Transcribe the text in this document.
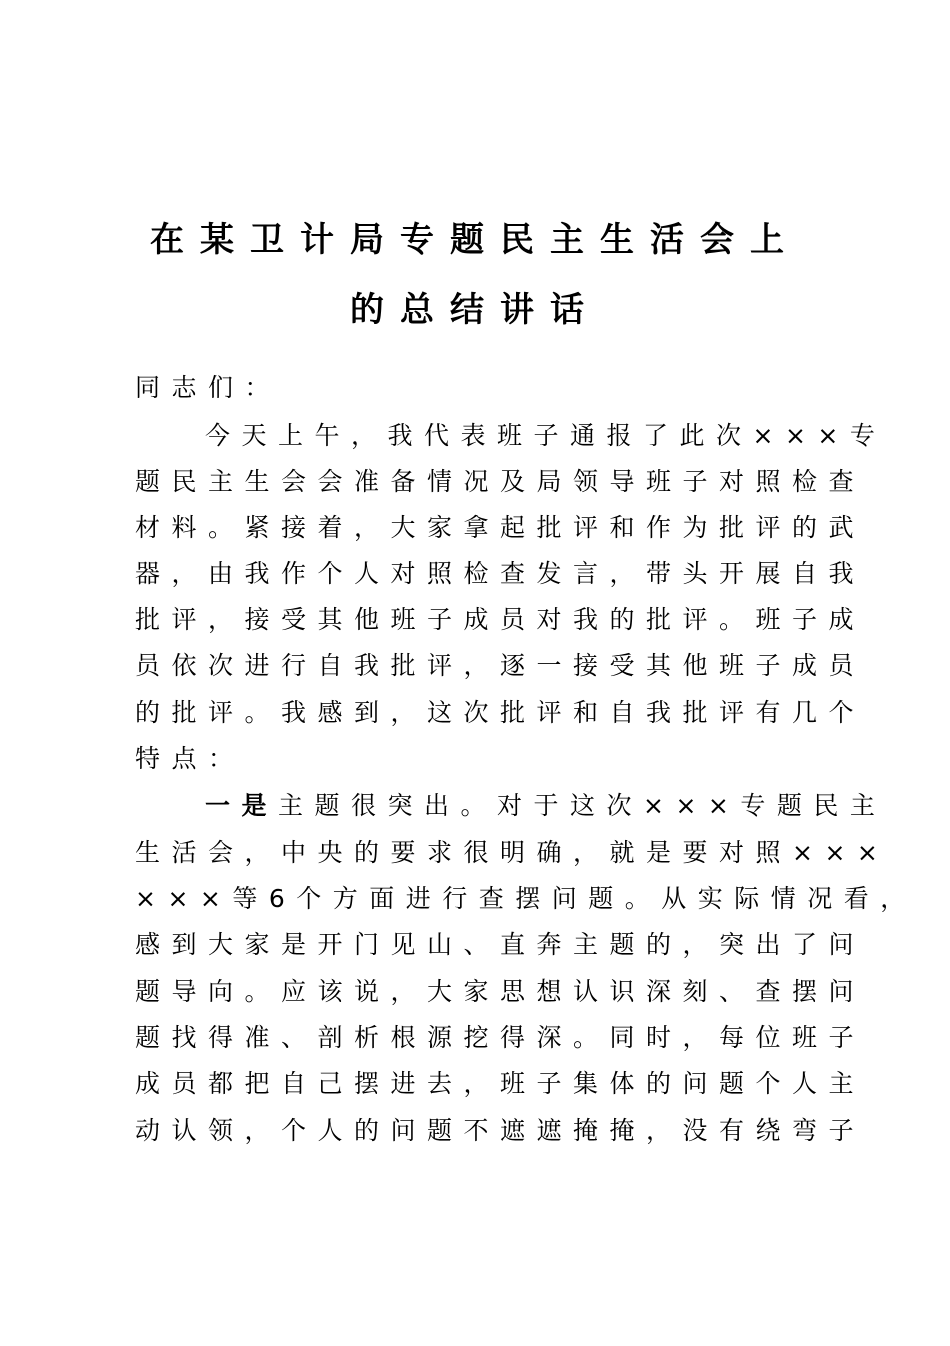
在某卫计局专题民主生活会上
的总结讲话
同志们：
今天上午，我代表班子通报了此次×××专
题民主生会会准备情况及局领导班子对照检查
材料。紧接着，大家拿起批评和作为批评的武
器，由我作个人对照检查发言，带头开展自我
批评，接受其他班子成员对我的批评。班子成
员依次进行自我批评，逐一接受其他班子成员
的批评。我感到，这次批评和自我批评有几个
特点：
一是主题很突出。对于这次×××专题民主
生活会，中央的要求很明确，就是要对照×××
×××等6个方面进行查摆问题。从实际情况看，
感到大家是开门见山、直奔主题的，突出了问
题导向。应该说，大家思想认识深刻、查摆问
题找得准、剖析根源挖得深。同时，每位班子
成员都把自己摆进去，班子集体的问题个人主
动认领，个人的问题不遮遮掩掩，没有绕弯子
